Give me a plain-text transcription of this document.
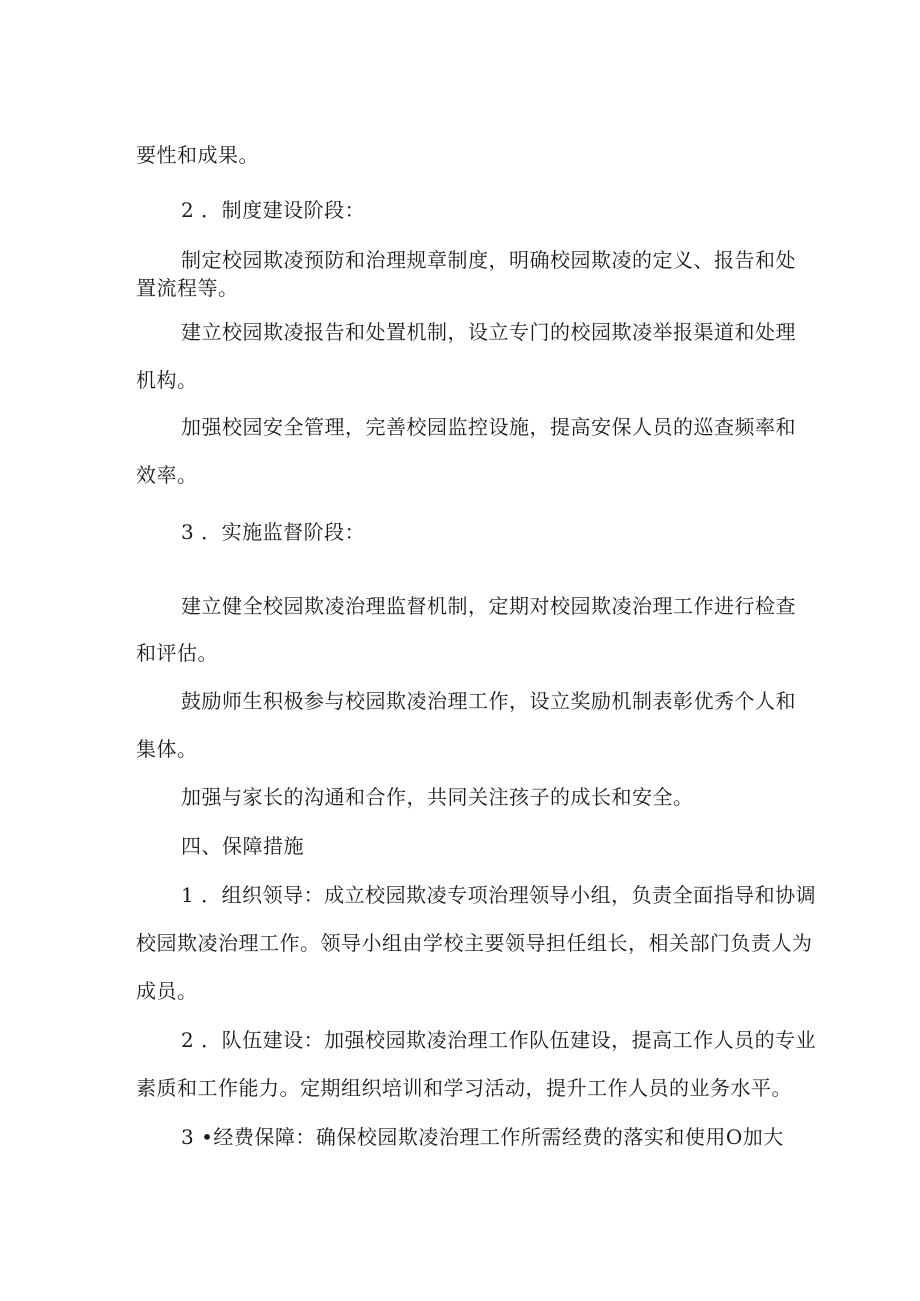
要性和成果。
2 ．制度建设阶段：
制定校园欺凌预防和治理规章制度，明确校园欺凌的定义、报告和处
置流程等。
建立校园欺凌报告和处置机制，设立专门的校园欺凌举报渠道和处理
机构。
加强校园安全管理，完善校园监控设施，提高安保人员的巡查频率和
效率。
3 ．实施监督阶段：
建立健全校园欺凌治理监督机制，定期对校园欺凌治理工作进行检查
和评估。
鼓励师生积极参与校园欺凌治理工作，设立奖励机制表彰优秀个人和
集体。
加强与家长的沟通和合作，共同关注孩子的成长和安全。
四、保障措施
1 ．组织领导：成立校园欺凌专项治理领导小组，负责全面指导和协调
校园欺凌治理工作。领导小组由学校主要领导担任组长，相关部门负责人为
成员。
2 ．队伍建设：加强校园欺凌治理工作队伍建设，提高工作人员的专业
素质和工作能力。定期组织培训和学习活动，提升工作人员的业务水平。
3 •经费保障：确保校园欺凌治理工作所需经费的落实和使用O加大
